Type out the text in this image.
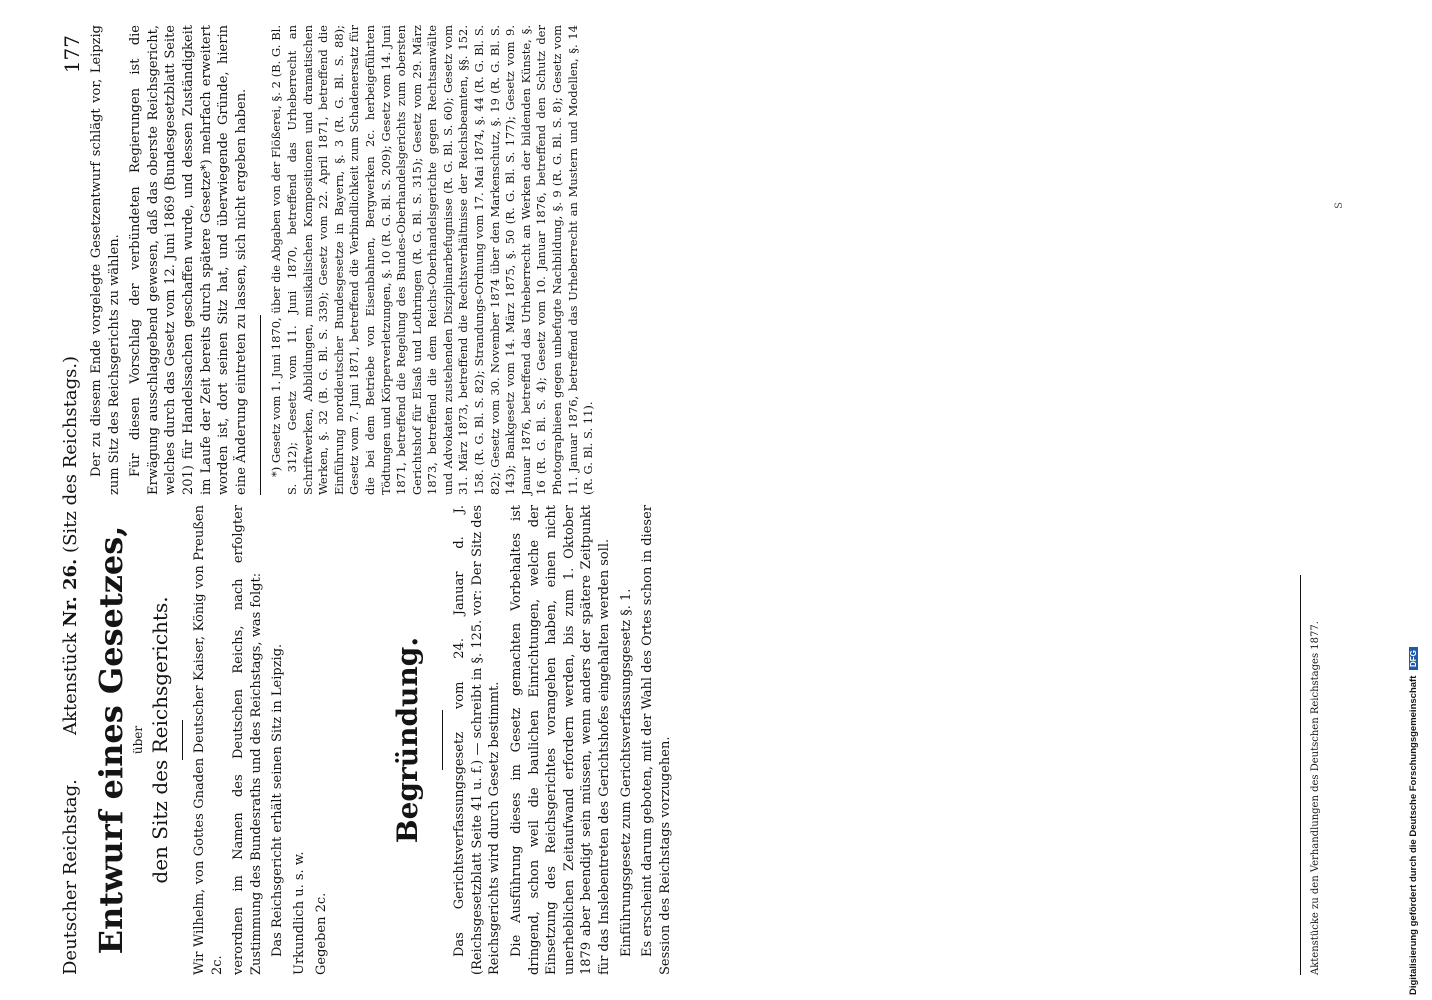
Deutscher Reichstag.
Aktenstück Nr. 26. (Sitz des Reichstags.)
177
Entwurf eines Gesetzes, über den Sitz des Reichsgerichts. Wir Wilhelm, von Gottes Gnaden Deutscher Kaiser, König von Preußen 2c. verordnen im Namen des Deutschen Reichs, nach erfolgter Zustimmung des Bundesraths und des Reichstags, was folgt: Das Reichsgericht erhält seinen Sitz in Leipzig. Urkundlich u. s. w. Gegeben 2c.

Begründung.	Das Gerichtsverfassungsgesetz vom 24. Januar d. J. (Reichsgesetzblatt Seite 41 u. f.) — schreibt in §. 125. vor: Der Sitz des Reichsgerichts wird durch Gesetz bestimmt. Die Ausführung dieses im Gesetz gemachten Vorbehaltes ist dringend, schon weil die baulichen Einrichtungen, welche der Einsetzung des Reichsgerichtes vorangehen haben, einen nicht unerheblichen Zeitaufwand erfordern werden, bis zum 1. Oktober 1879 aber beendigt sein müssen, wenn anders der spätere Zeitpunkt für das Inslebentreten des Gerichtshofes eingehalten werden soll. Einführungsgesetz zum Gerichtsverfassungsgesetz §. 1. Es erscheint darum geboten, mit der Wahl des Ortes schon in dieser Session des Reichstags vorzugehen.

Der zu diesem Ende vorgelegte Gesetzentwurf schlägt vor, Leipzig zum Sitz des Reichsgerichts zu wählen. Für diesen Vorschlag der verbündeten Regierungen ist die Erwägung ausschlaggebend gewesen, daß das oberste Reichsgericht, welches durch das Gesetz vom 12. Juni 1869 (Bundesgesetzblatt Seite 201) für Handelssachen geschaffen wurde, und dessen Zuständigkeit im Laufe der Zeit bereits durch spätere Gesetze*) mehrfach erweitert worden ist, dort seinen Sitz hat, und überwiegende Gründe, hierin eine Änderung eintreten zu lassen, sich nicht ergeben haben. *) Gesetz vom 1. Juni 1870, über die Abgaben von der Flößerei, §. 2 (B. G. Bl. S. 312); Gesetz vom 11. Juni 1870, betreffend das Urheberrecht an Schriftwerken, Abbildungen, musikalischen Kompositionen und dramatischen Werken, §. 32 (B. G. Bl. S. 339); Gesetz vom 22. April 1871, betreffend die Einführung norddeutscher Bundesgesetze in Bayern, §. 3 (R. G. Bl. S. 88); Gesetz vom 7. Juni 1871, betreffend die Verbindlichkeit zum Schadenersatz für die bei dem Betriebe von Eisenbahnen, Bergwerken 2c. herbeigeführten Tödtungen und Körperverletzungen, §. 10 (R. G. Bl. S. 209); Gesetz vom 14. Juni 1871, betreffend die Regelung des Bundes-Oberhandelsgerichts zum obersten Gerichtshof für Elsaß und Lothringen (R. G. Bl. S. 315); Gesetz vom 29. März 1873, betreffend die dem Reichs-Oberhandelsgerichte gegen Rechtsanwälte und Advokaten zustehenden Disziplinarbefugnisse (R. G. Bl. S. 60); Gesetz vom 31. März 1873, betreffend die Rechtsverhältnisse der Reichsbeamten, §§. 152. 158. (R. G. Bl. S. 82); Strandungs-Ordnung vom 17. Mai 1874, §. 44 (R. G. Bl. S. 82); Gesetz vom 30. November 1874 über den Markenschutz, §. 19 (R. G. Bl. S. 143); Bankgesetz vom 14. März 1875, §. 50 (R. G. Bl. S. 177); Gesetz vom 9. Januar 1876, betreffend das Urheberrecht an Werken der bildenden Künste, §. 16 (R. G. Bl. S. 4); Gesetz vom 10. Januar 1876, betreffend den Schutz der Photographieen gegen unbefugte Nachbildung, §. 9 (R. G. Bl. S. 8); Gesetz vom 11. Januar 1876, betreffend das Urheberrecht an Mustern und Modellen, §. 14 (R. G. Bl. S. 11).

Aktenstücke zu den Verhandlungen des Deutschen Reichstages 1877.
S
Digitalisierung gefördert durch die Deutsche Forschungsgemeinschaft DFG
